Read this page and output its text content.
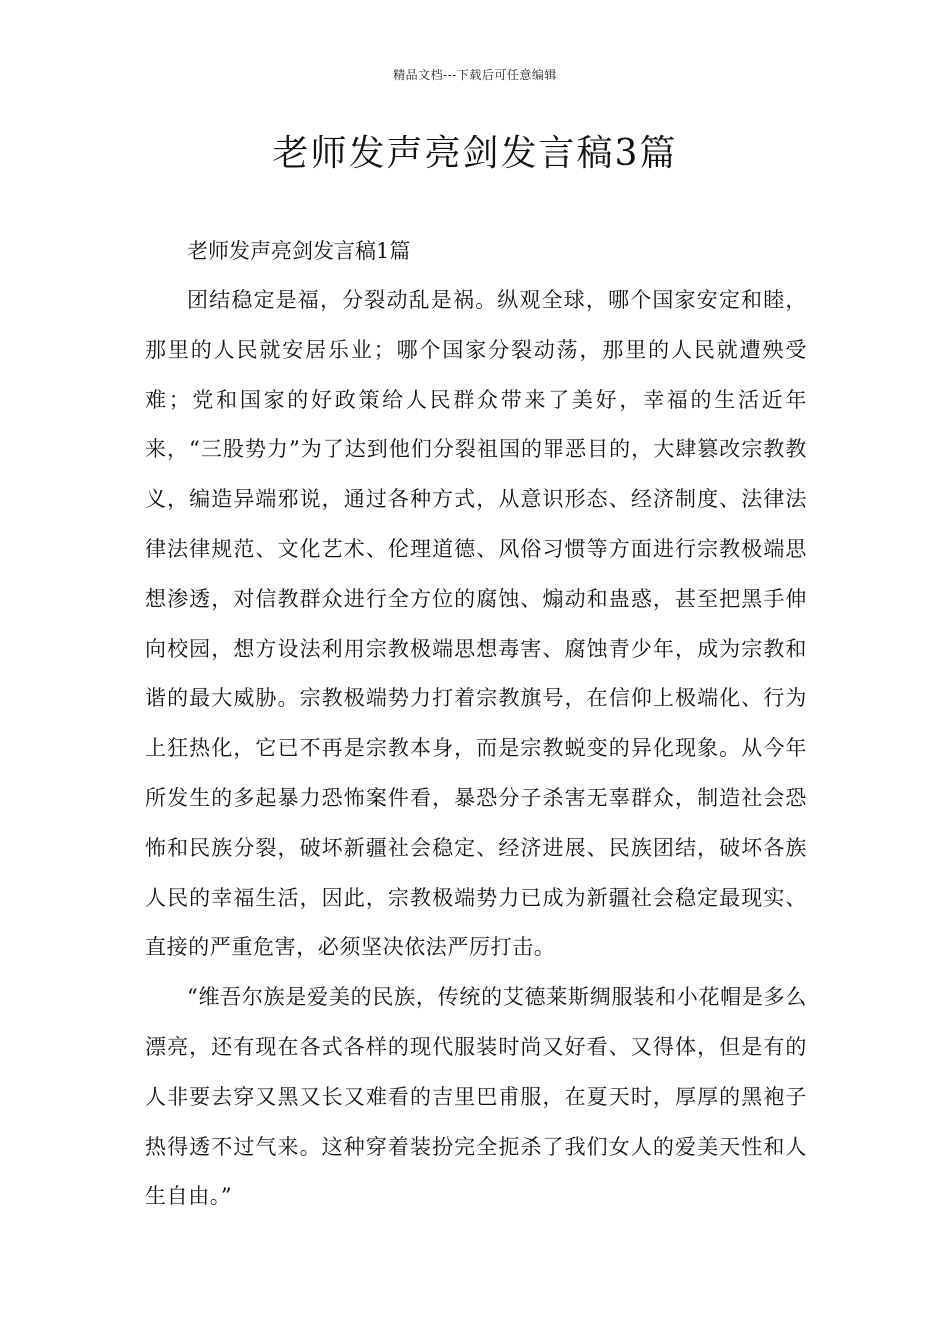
精品文档---下载后可任意编辑
老师发声亮剑发言稿3篇

老师发声亮剑发言稿1篇

团结稳定是福，分裂动乱是祸。纵观全球，哪个国家安定和睦，那里的人民就安居乐业；哪个国家分裂动荡，那里的人民就遭殃受难；党和国家的好政策给人民群众带来了美好，幸福的生活近年来，“三股势力”为了达到他们分裂祖国的罪恶目的，大肆篡改宗教教义，编造异端邪说，通过各种方式，从意识形态、经济制度、法律法律法律规范、文化艺术、伦理道德、风俗习惯等方面进行宗教极端思想渗透，对信教群众进行全方位的腐蚀、煽动和蛊惑，甚至把黑手伸向校园，想方设法利用宗教极端思想毒害、腐蚀青少年，成为宗教和谐的最大威胁。宗教极端势力打着宗教旗号，在信仰上极端化、行为上狂热化，它已不再是宗教本身，而是宗教蜕变的异化现象。从今年所发生的多起暴力恐怖案件看，暴恐分子杀害无辜群众，制造社会恐怖和民族分裂，破坏新疆社会稳定、经济进展、民族团结，破坏各族人民的幸福生活，因此，宗教极端势力已成为新疆社会稳定最现实、直接的严重危害，必须坚决依法严厉打击。

“维吾尔族是爱美的民族，传统的艾德莱斯绸服装和小花帽是多么漂亮，还有现在各式各样的现代服装时尚又好看、又得体，但是有的人非要去穿又黑又长又难看的吉里巴甫服，在夏天时，厚厚的黑袍子热得透不过气来。这种穿着装扮完全扼杀了我们女人的爱美天性和人生自由。”
